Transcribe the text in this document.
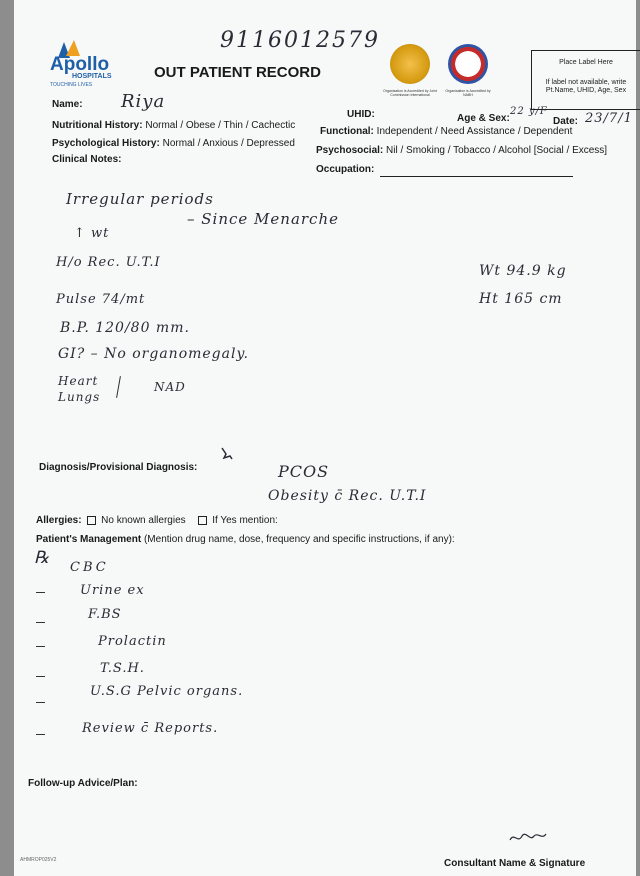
9116012579
Apollo
HOSPITALS
TOUCHING LIVES
OUT PATIENT RECORD
Organisation is Accredited by Joint Commission International
Organisation is Accredited by NABH
Place Label Here
If label not available, write Pt.Name, UHID, Age, Sex
Name: Riya
UHID:	Age & Sex:
22 y/F
Date: 23/7/1
Nutritional History: Normal / Obese / Thin / Cachectic
Functional: Independent / Need Assistance / Dependent
Psychological History: Normal / Anxious / Depressed
Psychosocial: Nil / Smoking / Tobacco / Alcohol [Social / Excess]
Clinical Notes:
Occupation:
Irregular periods
– Since Menarche
↑ wt
H/o Rec. U.T.I
Wt 94.9 kg
Ht 165 cm
Pulse 74/mt
B.P. 120/80 mm.
GI? – No organomegaly.
Heart
Lungs
NAD
Diagnosis/Provisional Diagnosis:	PCOS
Obesity c̄ Rec. U.T.I
Allergies: No known allergies	If Yes mention:
Patient's Management (Mention drug name, dose, frequency and specific instructions, if any):
℞ CBC
Urine ex
F.BS
Prolactin
T.S.H.
U.S.G Pelvic organs.
Review c̄ Reports.
Follow-up Advice/Plan:
Consultant Name & Signature
AHMROP025V2
